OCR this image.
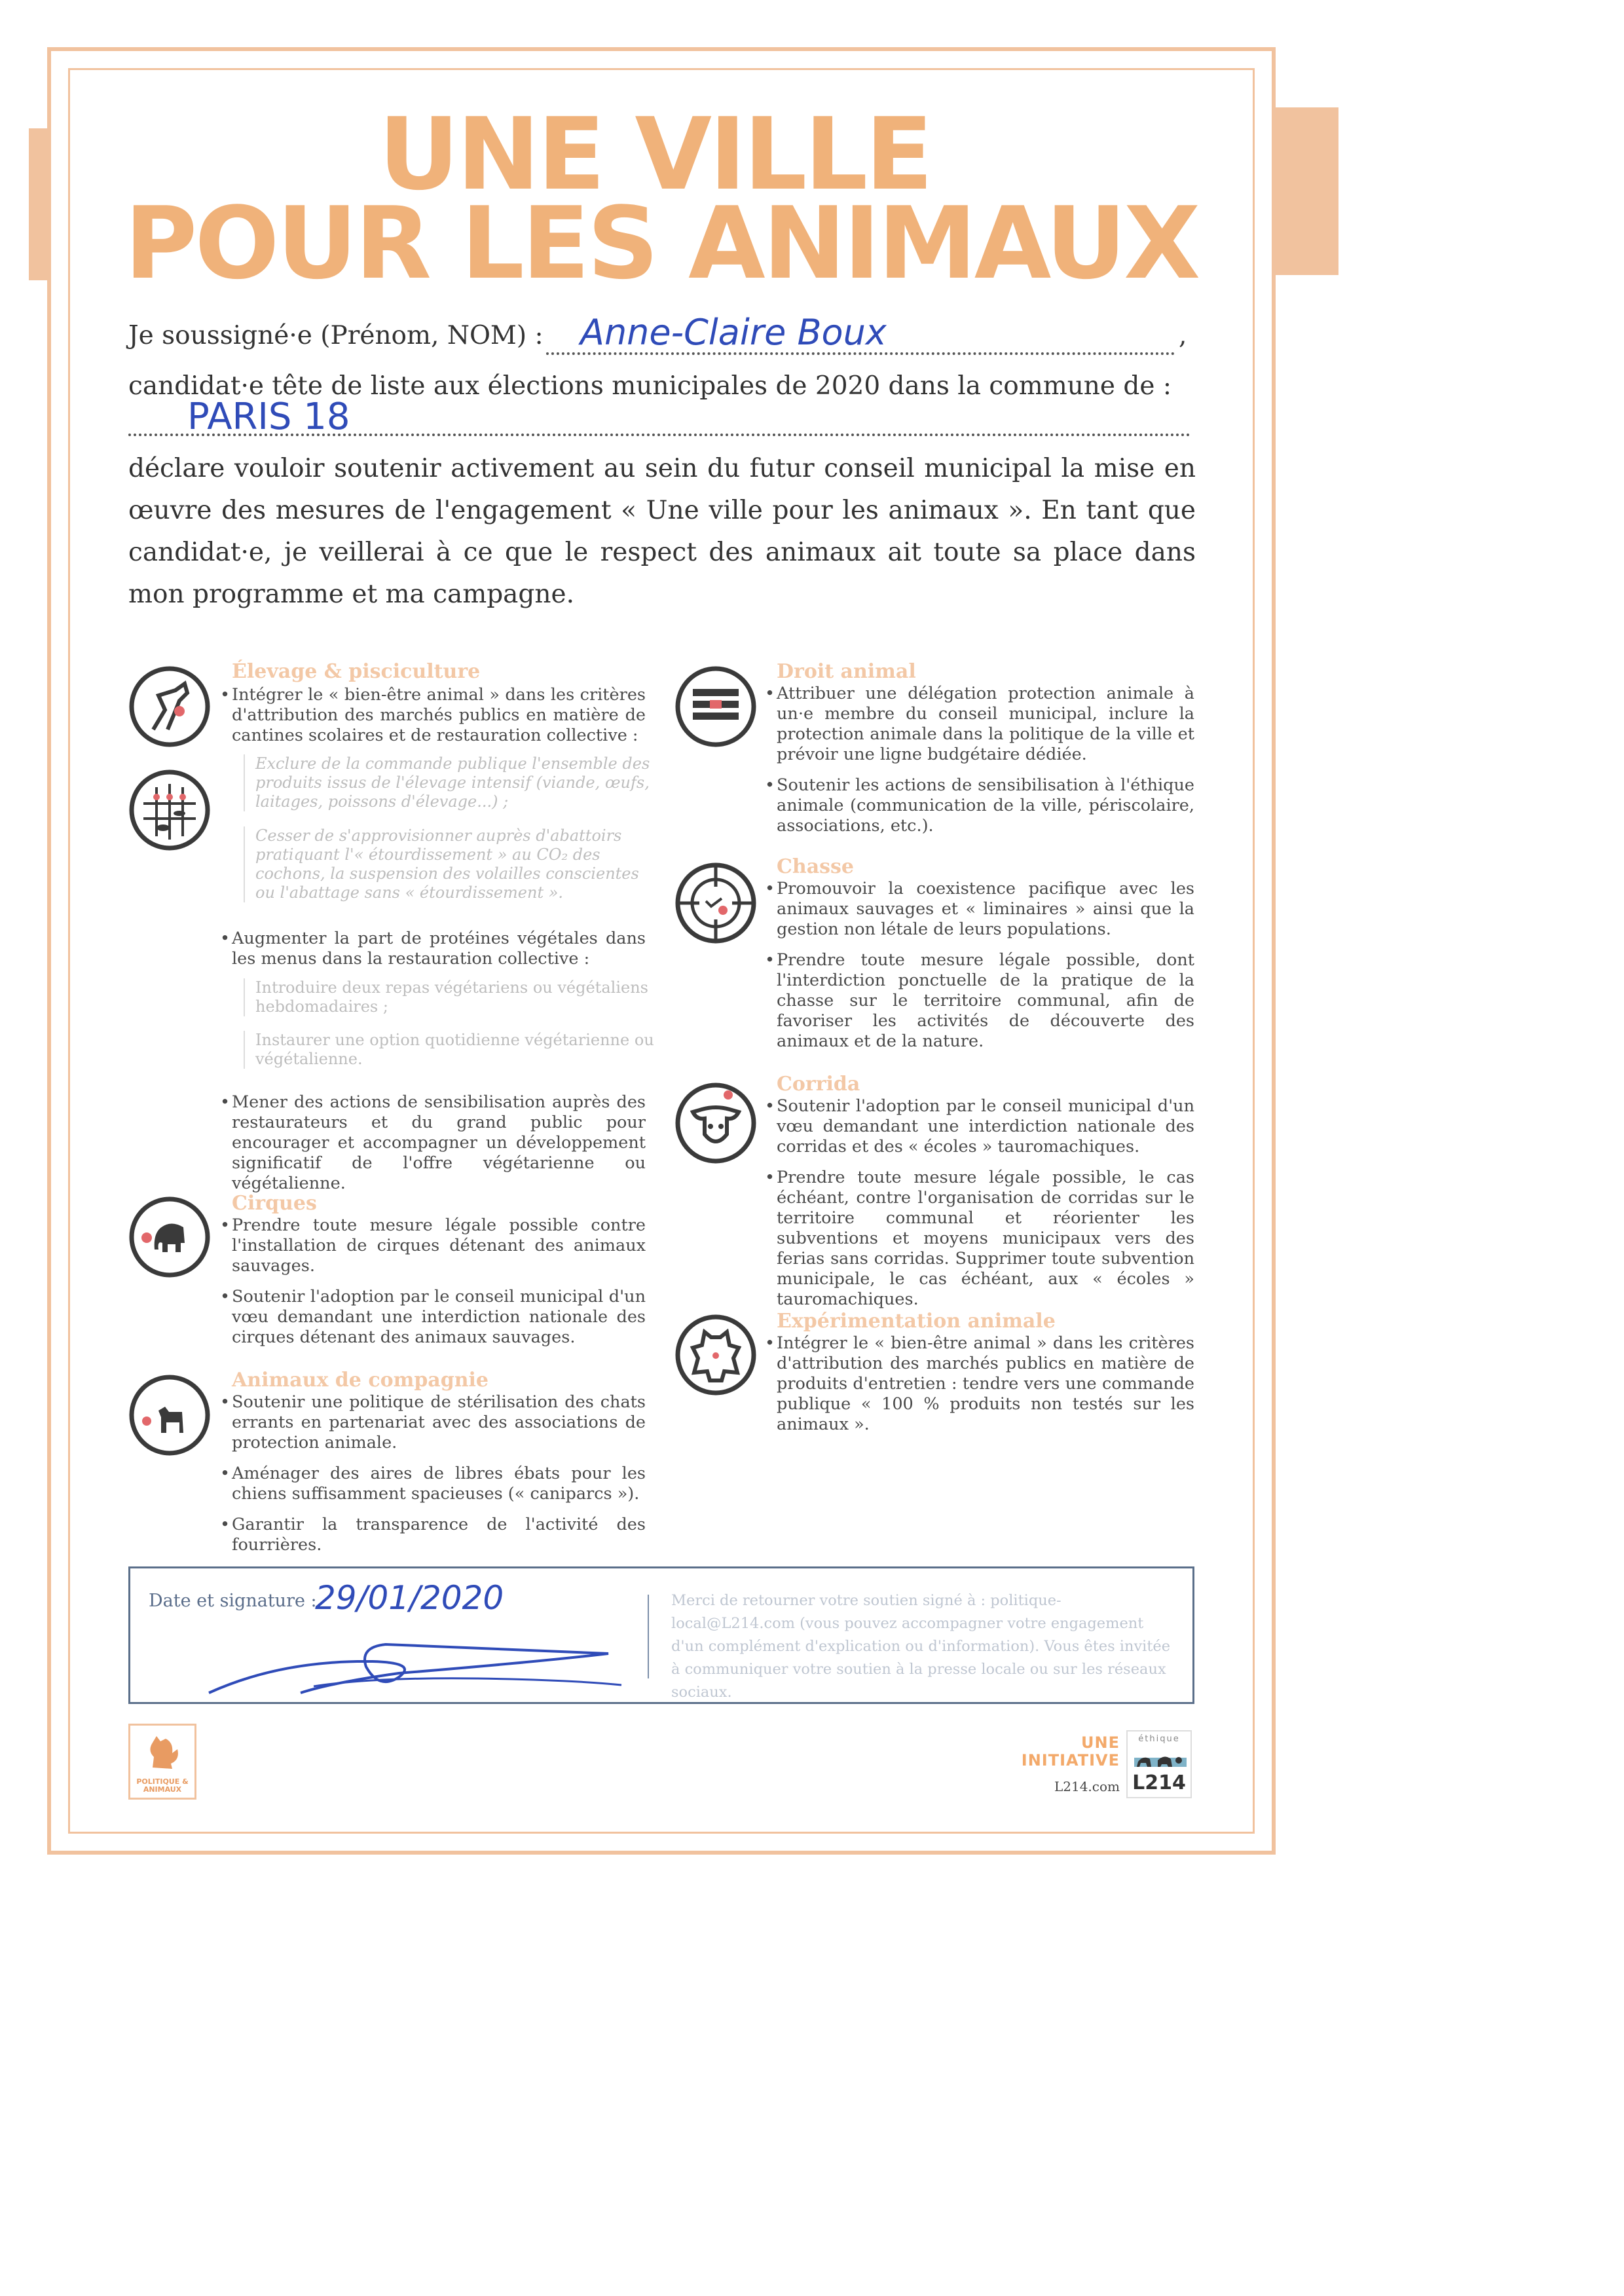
UNE VILLE
POUR LES ANIMAUX
Je soussigné·e (Prénom, NOM) : Anne-Claire Boux	,
candidat·e tête de liste aux élections municipales de 2020 dans la commune de :
PARIS 18
déclare vouloir soutenir activement au sein du futur conseil municipal la mise en œuvre des mesures de l'engagement « Une ville pour les animaux ». En tant que candidat·e, je veillerai à ce que le respect des animaux ait toute sa place dans mon programme et ma campagne.
Élevage & pisciculture
• Intégrer le « bien-être animal » dans les critères d'attribution des marchés publics en matière de cantines scolaires et de restauration collective :
Exclure de la commande publique l'ensemble des produits issus de l'élevage intensif (viande, œufs, laitages, poissons d'élevage...) ;
Cesser de s'approvisionner auprès d'abattoirs pratiquant l'« étourdissement » au CO₂ des cochons, la suspension des volailles conscientes ou l'abattage sans « étourdissement ».
• Augmenter la part de protéines végétales dans les menus dans la restauration collective :
Introduire deux repas végétariens ou végétaliens hebdomadaires ;
Instaurer une option quotidienne végétarienne ou végétalienne.
• Mener des actions de sensibilisation auprès des restaurateurs et du grand public pour encourager et accompagner un développement significatif de l'offre végétarienne ou végétalienne.
Cirques
• Prendre toute mesure légale possible contre l'installation de cirques détenant des animaux sauvages.
• Soutenir l'adoption par le conseil municipal d'un vœu demandant une interdiction nationale des cirques détenant des animaux sauvages.
Animaux de compagnie
• Soutenir une politique de stérilisation des chats errants en partenariat avec des associations de protection animale.
• Aménager des aires de libres ébats pour les chiens suffisamment spacieuses (« caniparcs »).
• Garantir la transparence de l'activité des fourrières.
Droit animal
• Attribuer une délégation protection animale à un·e membre du conseil municipal, inclure la protection animale dans la politique de la ville et prévoir une ligne budgétaire dédiée.
• Soutenir les actions de sensibilisation à l'éthique animale (communication de la ville, périscolaire, associations, etc.).
Chasse
• Promouvoir la coexistence pacifique avec les animaux sauvages et « liminaires » ainsi que la gestion non létale de leurs populations.
• Prendre toute mesure légale possible, dont l'interdiction ponctuelle de la pratique de la chasse sur le territoire communal, afin de favoriser les activités de découverte des animaux et de la nature.
Corrida
• Soutenir l'adoption par le conseil municipal d'un vœu demandant une interdiction nationale des corridas et des « écoles » tauromachiques.
• Prendre toute mesure légale possible, le cas échéant, contre l'organisation de corridas sur le territoire communal et réorienter les subventions et moyens municipaux vers des ferias sans corridas. Supprimer toute subvention municipale, le cas échéant, aux « écoles » tauromachiques.
Expérimentation animale
• Intégrer le « bien-être animal » dans les critères d'attribution des marchés publics en matière de produits d'entretien : tendre vers une commande publique « 100 % produits non testés sur les animaux ».
Date et signature :
29/01/2020	Merci de retourner votre soutien signé à : politique-local@L214.com (vous pouvez accompagner votre engagement d'un complément d'explication ou d'information). Vous êtes invitée à communiquer votre soutien à la presse locale ou sur les réseaux sociaux.
POLITIQUE & ANIMAUX
UNE
INITIATIVE
L214.com
éthique
L214
